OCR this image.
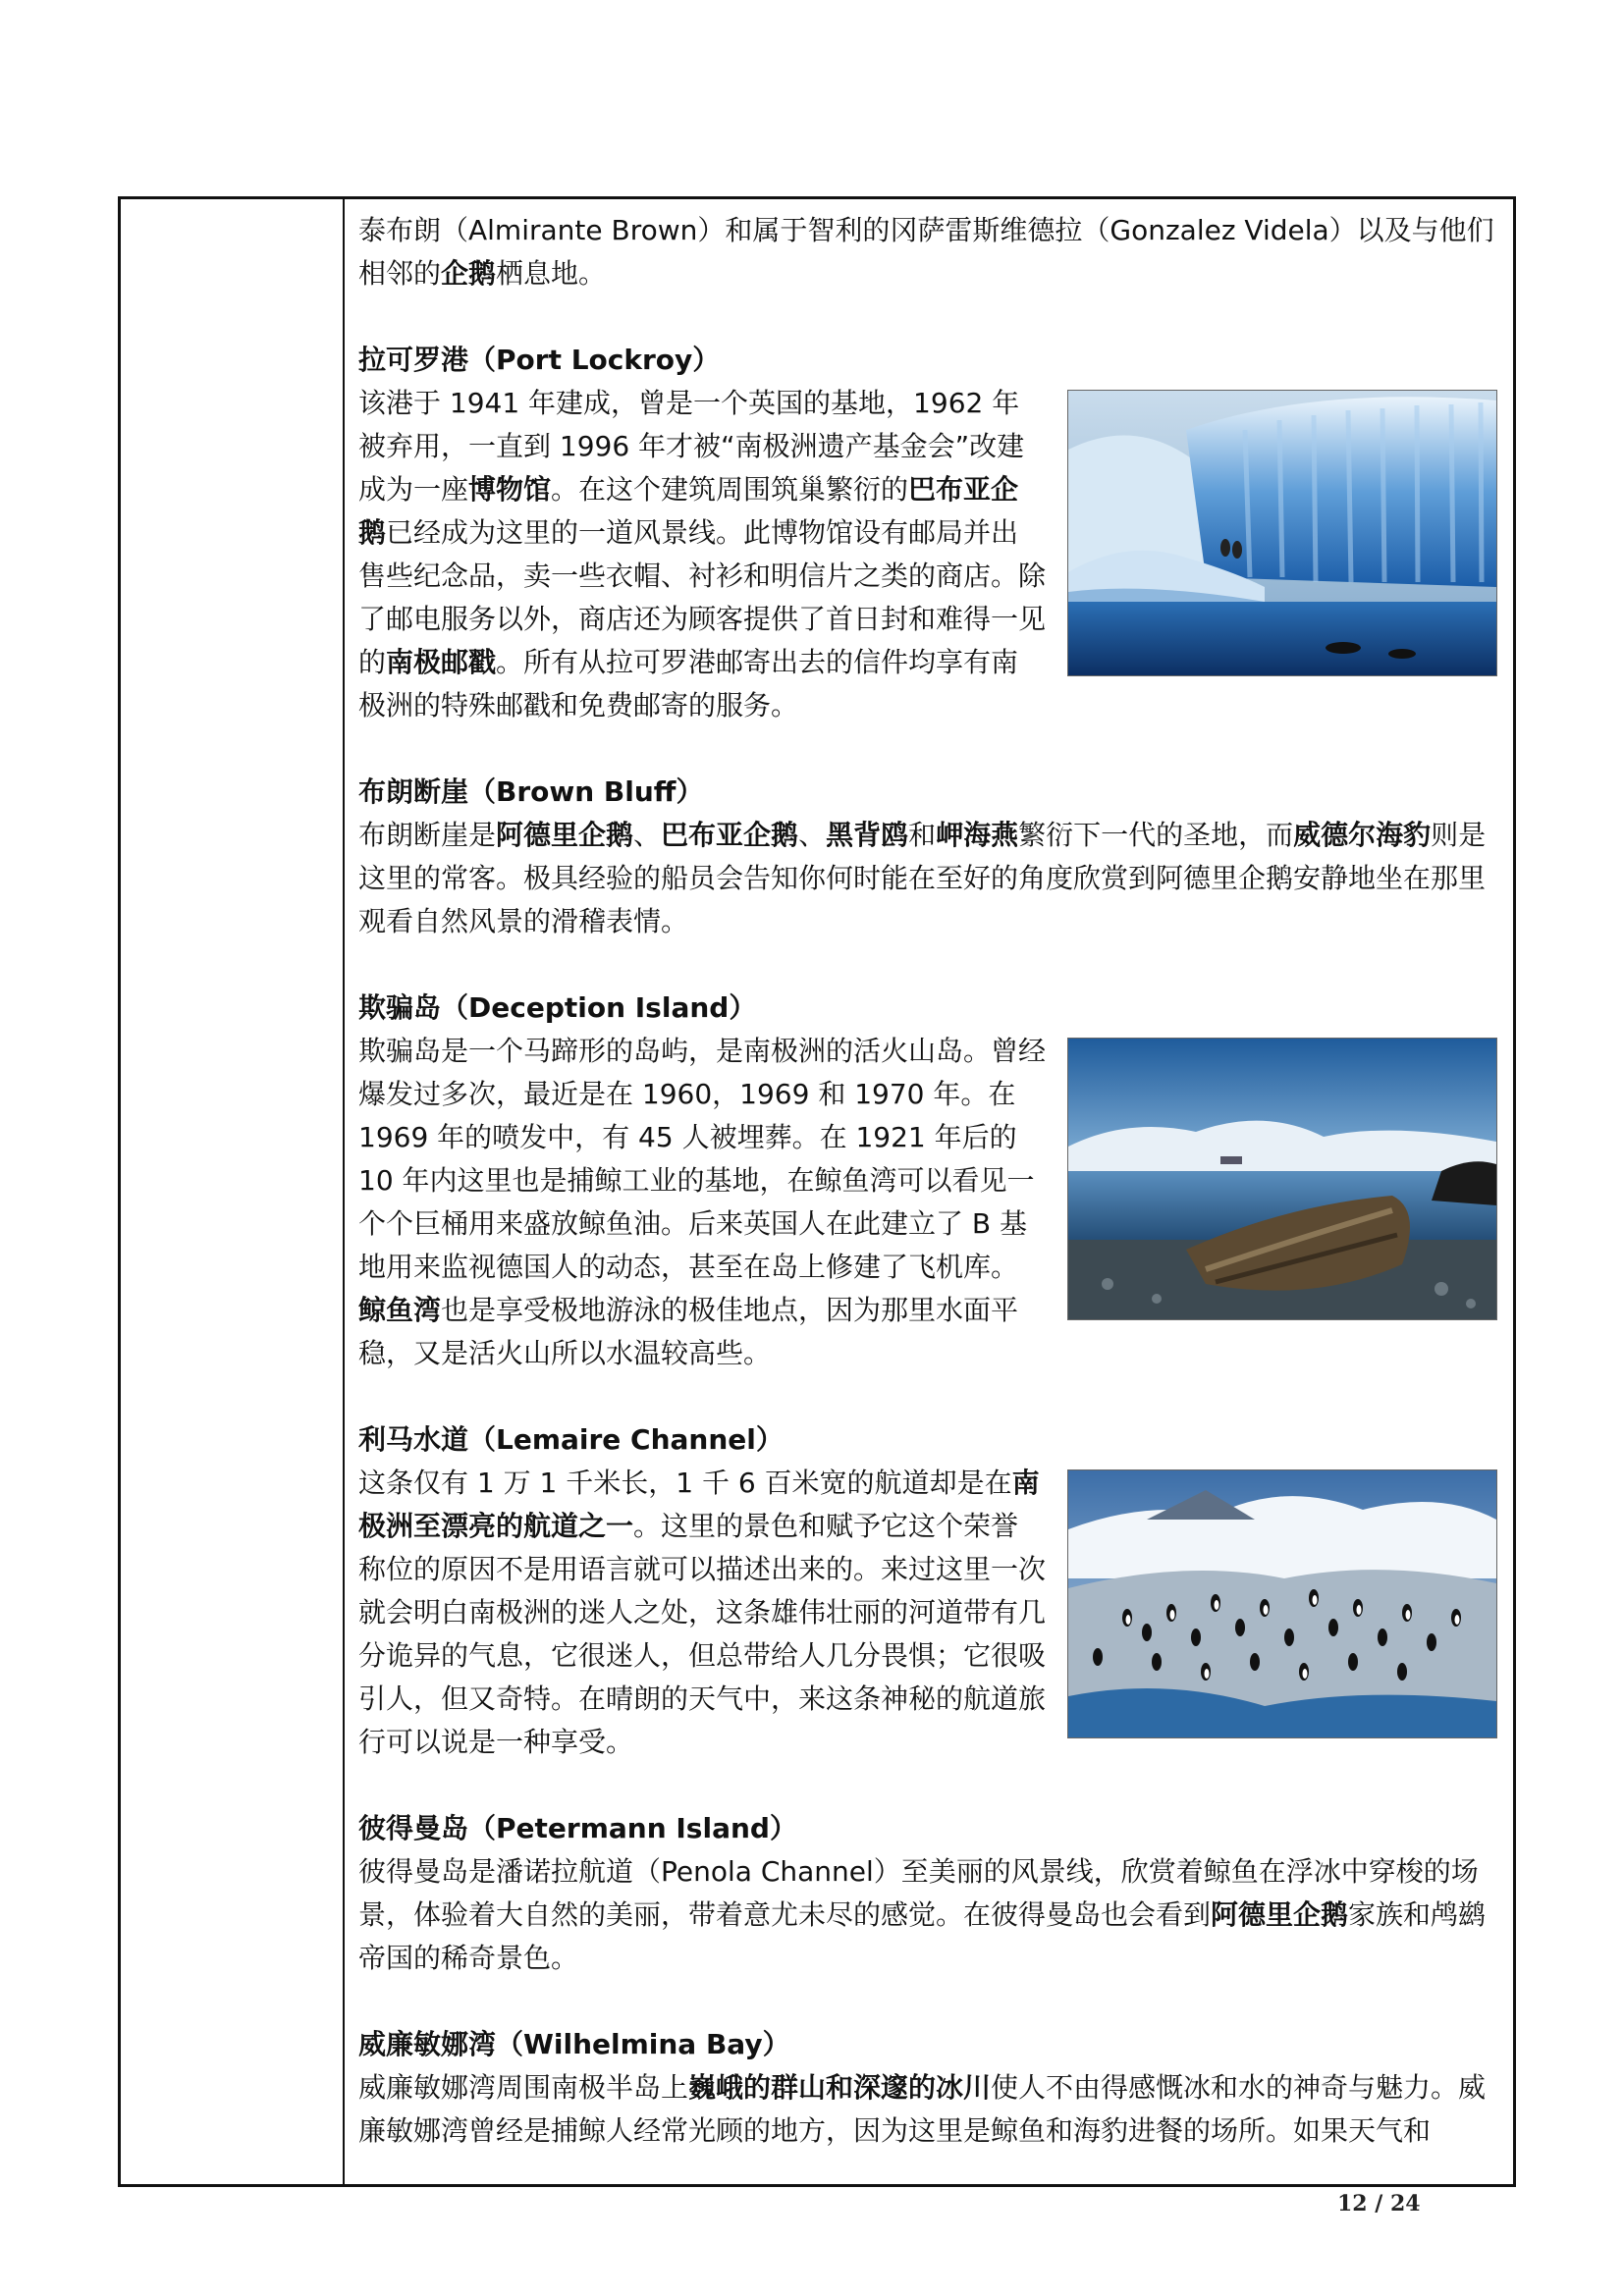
泰布朗（Almirante Brown）和属于智利的冈萨雷斯维德拉（Gonzalez Videla）以及与他们相邻的企鹅栖息地。

拉可罗港（Port Lockroy）

该港于 1941 年建成，曾是一个英国的基地，1962 年被弃用，一直到 1996 年才被“南极洲遗产基金会”改建成为一座博物馆。在这个建筑周围筑巢繁衍的巴布亚企鹅已经成为这里的一道风景线。此博物馆设有邮局并出售些纪念品，卖一些衣帽、衬衫和明信片之类的商店。除了邮电服务以外，商店还为顾客提供了首日封和难得一见的南极邮戳。所有从拉可罗港邮寄出去的信件均享有南极洲的特殊邮戳和免费邮寄的服务。

布朗断崖（Brown Bluff）

布朗断崖是阿德里企鹅、巴布亚企鹅、黑背鸥和岬海燕繁衍下一代的圣地，而威德尔海豹则是这里的常客。极具经验的船员会告知你何时能在至好的角度欣赏到阿德里企鹅安静地坐在那里观看自然风景的滑稽表情。

欺骗岛（Deception Island）

欺骗岛是一个马蹄形的岛屿，是南极洲的活火山岛。曾经爆发过多次，最近是在 1960，1969 和 1970 年。在 1969 年的喷发中，有 45 人被埋葬。在 1921 年后的 10 年内这里也是捕鲸工业的基地，在鲸鱼湾可以看见一个个巨桶用来盛放鲸鱼油。后来英国人在此建立了 B 基地用来监视德国人的动态，甚至在岛上修建了飞机库。鲸鱼湾也是享受极地游泳的极佳地点，因为那里水面平稳，又是活火山所以水温较高些。

利马水道（Lemaire Channel）

这条仅有 1 万 1 千米长，1 千 6 百米宽的航道却是在南极洲至漂亮的航道之一。这里的景色和赋予它这个荣誉称位的原因不是用语言就可以描述出来的。来过这里一次就会明白南极洲的迷人之处，这条雄伟壮丽的河道带有几分诡异的气息，它很迷人，但总带给人几分畏惧；它很吸引人，但又奇特。在晴朗的天气中，来这条神秘的航道旅行可以说是一种享受。

彼得曼岛（Petermann Island）

彼得曼岛是潘诺拉航道（Penola Channel）至美丽的风景线，欣赏着鲸鱼在浮冰中穿梭的场景，体验着大自然的美丽，带着意尤未尽的感觉。在彼得曼岛也会看到阿德里企鹅家族和鸬鹚帝国的稀奇景色。

威廉敏娜湾（Wilhelmina Bay）

威廉敏娜湾周围南极半岛上巍峨的群山和深邃的冰川使人不由得感慨冰和水的神奇与魅力。威廉敏娜湾曾经是捕鲸人经常光顾的地方，因为这里是鲸鱼和海豹进餐的场所。如果天气和

12 / 24
